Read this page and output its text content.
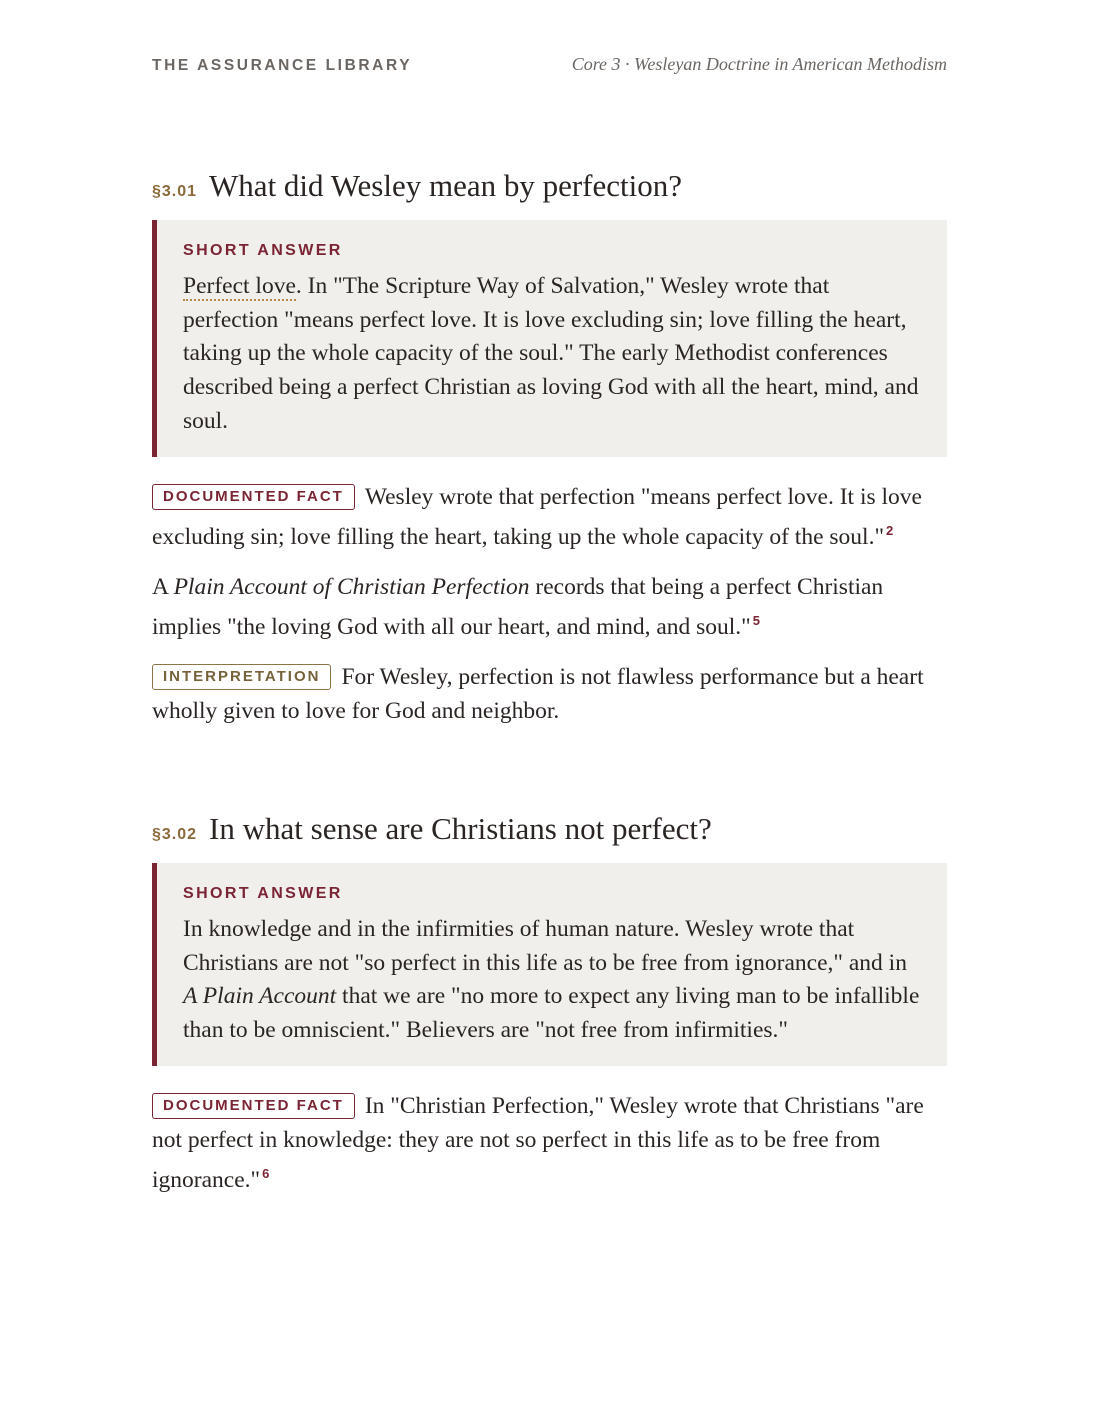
THE ASSURANCE LIBRARY	Core 3 · Wesleyan Doctrine in American Methodism
§3.01 What did Wesley mean by perfection?
SHORT ANSWER
Perfect love. In "The Scripture Way of Salvation," Wesley wrote that perfection "means perfect love. It is love excluding sin; love filling the heart, taking up the whole capacity of the soul." The early Methodist conferences described being a perfect Christian as loving God with all the heart, mind, and soul.

DOCUMENTED FACT Wesley wrote that perfection "means perfect love. It is love excluding sin; love filling the heart, taking up the whole capacity of the soul." $^2$

A Plain Account of Christian Perfection records that being a perfect Christian implies "the loving God with all our heart, and mind, and soul." $^5$

INTERPRETATION For Wesley, perfection is not flawless performance but a heart wholly given to love for God and neighbor.

§3.02 In what sense are Christians not perfect?
SHORT ANSWER
In knowledge and in the infirmities of human nature. Wesley wrote that Christians are not "so perfect in this life as to be free from ignorance," and in A Plain Account that we are "no more to expect any living man to be infallible than to be omniscient." Believers are "not free from infirmities."

DOCUMENTED FACT In "Christian Perfection," Wesley wrote that Christians "are not perfect in knowledge: they are not so perfect in this life as to be free from ignorance." $^6$
